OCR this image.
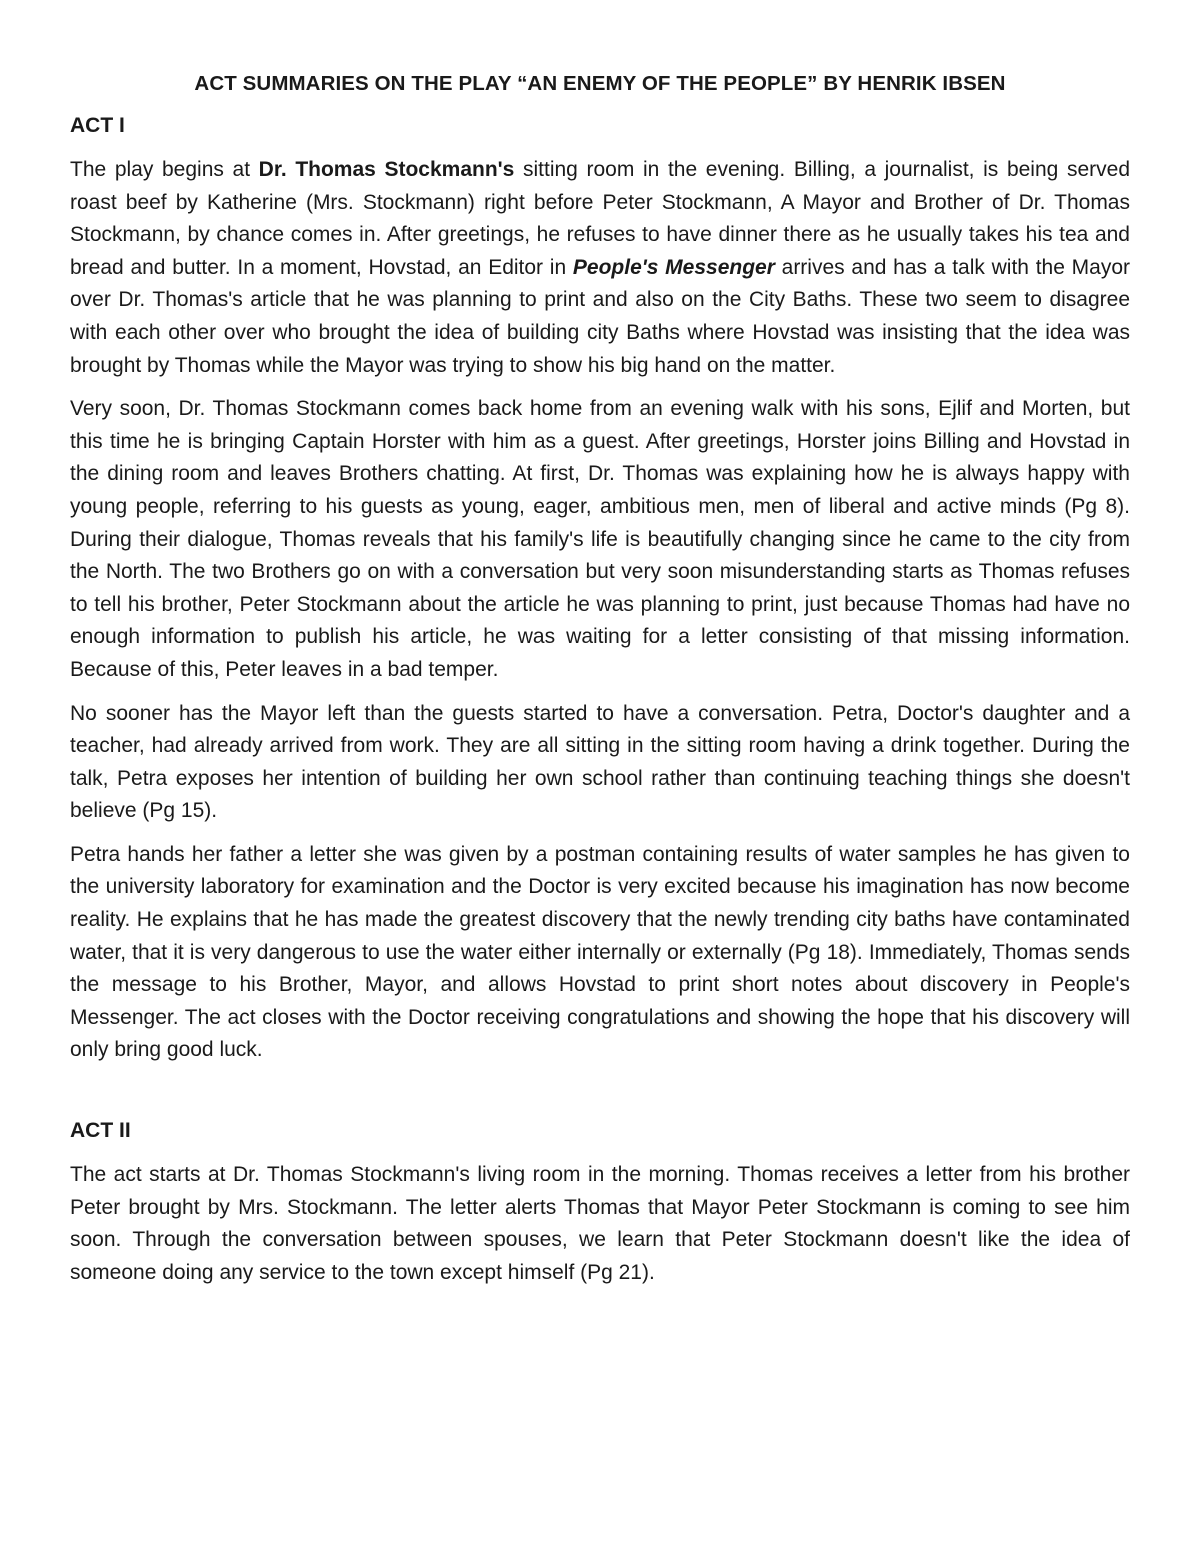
ACT SUMMARIES ON THE PLAY “AN ENEMY OF THE PEOPLE” BY HENRIK IBSEN
ACT I

The play begins at Dr. Thomas Stockmann's sitting room in the evening. Billing, a journalist, is being served roast beef by Katherine (Mrs. Stockmann) right before Peter Stockmann, A Mayor and Brother of Dr. Thomas Stockmann, by chance comes in. After greetings, he refuses to have dinner there as he usually takes his tea and bread and butter. In a moment, Hovstad, an Editor in People's Messenger arrives and has a talk with the Mayor over Dr. Thomas's article that he was planning to print and also on the City Baths. These two seem to disagree with each other over who brought the idea of building city Baths where Hovstad was insisting that the idea was brought by Thomas while the Mayor was trying to show his big hand on the matter.

Very soon, Dr. Thomas Stockmann comes back home from an evening walk with his sons, Ejlif and Morten, but this time he is bringing Captain Horster with him as a guest. After greetings, Horster joins Billing and Hovstad in the dining room and leaves Brothers chatting. At first, Dr. Thomas was explaining how he is always happy with young people, referring to his guests as young, eager, ambitious men, men of liberal and active minds (Pg 8). During their dialogue, Thomas reveals that his family's life is beautifully changing since he came to the city from the North. The two Brothers go on with a conversation but very soon misunderstanding starts as Thomas refuses to tell his brother, Peter Stockmann about the article he was planning to print, just because Thomas had have no enough information to publish his article, he was waiting for a letter consisting of that missing information. Because of this, Peter leaves in a bad temper.

No sooner has the Mayor left than the guests started to have a conversation. Petra, Doctor's daughter and a teacher, had already arrived from work. They are all sitting in the sitting room having a drink together. During the talk, Petra exposes her intention of building her own school rather than continuing teaching things she doesn't believe (Pg 15).

Petra hands her father a letter she was given by a postman containing results of water samples he has given to the university laboratory for examination and the Doctor is very excited because his imagination has now become reality. He explains that he has made the greatest discovery that the newly trending city baths have contaminated water, that it is very dangerous to use the water either internally or externally (Pg 18). Immediately, Thomas sends the message to his Brother, Mayor, and allows Hovstad to print short notes about discovery in People's Messenger. The act closes with the Doctor receiving congratulations and showing the hope that his discovery will only bring good luck.

ACT II

The act starts at Dr. Thomas Stockmann's living room in the morning. Thomas receives a letter from his brother Peter brought by Mrs. Stockmann. The letter alerts Thomas that Mayor Peter Stockmann is coming to see him soon. Through the conversation between spouses, we learn that Peter Stockmann doesn't like the idea of someone doing any service to the town except himself (Pg 21).
